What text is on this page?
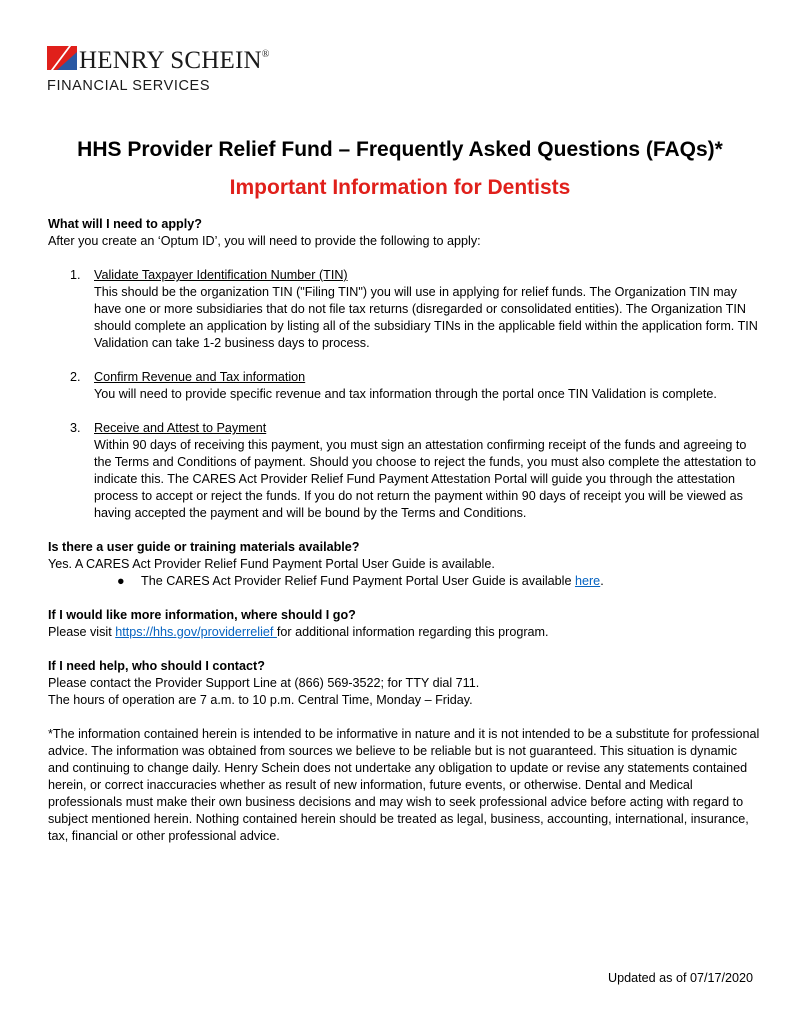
HENRY SCHEIN®
FINANCIAL SERVICES
HHS Provider Relief Fund – Frequently Asked Questions (FAQs)*
Important Information for Dentists
What will I need to apply?
After you create an ‘Optum ID’, you will need to provide the following to apply:
1. Validate Taxpayer Identification Number (TIN)
This should be the organization TIN ("Filing TIN") you will use in applying for relief funds. The Organization TIN may have one or more subsidiaries that do not file tax returns (disregarded or consolidated entities). The Organization TIN should complete an application by listing all of the subsidiary TINs in the applicable field within the application form. TIN Validation can take 1-2 business days to process.
2. Confirm Revenue and Tax information
You will need to provide specific revenue and tax information through the portal once TIN Validation is complete.
3. Receive and Attest to Payment
Within 90 days of receiving this payment, you must sign an attestation confirming receipt of the funds and agreeing to the Terms and Conditions of payment. Should you choose to reject the funds, you must also complete the attestation to indicate this. The CARES Act Provider Relief Fund Payment Attestation Portal will guide you through the attestation process to accept or reject the funds. If you do not return the payment within 90 days of receipt you will be viewed as having accepted the payment and will be bound by the Terms and Conditions.
Is there a user guide or training materials available?
Yes. A CARES Act Provider Relief Fund Payment Portal User Guide is available.
● The CARES Act Provider Relief Fund Payment Portal User Guide is available here.
If I would like more information, where should I go?
Please visit https://hhs.gov/providerrelief for additional information regarding this program.
If I need help, who should I contact?
Please contact the Provider Support Line at (866) 569-3522; for TTY dial 711.
The hours of operation are 7 a.m. to 10 p.m. Central Time, Monday – Friday.
*The information contained herein is intended to be informative in nature and it is not intended to be a substitute for professional advice. The information was obtained from sources we believe to be reliable but is not guaranteed. This situation is dynamic and continuing to change daily. Henry Schein does not undertake any obligation to update or revise any statements contained herein, or correct inaccuracies whether as result of new information, future events, or otherwise. Dental and Medical professionals must make their own business decisions and may wish to seek professional advice before acting with regard to subject mentioned herein. Nothing contained herein should be treated as legal, business, accounting, international, insurance, tax, financial or other professional advice.
Updated as of 07/17/2020
